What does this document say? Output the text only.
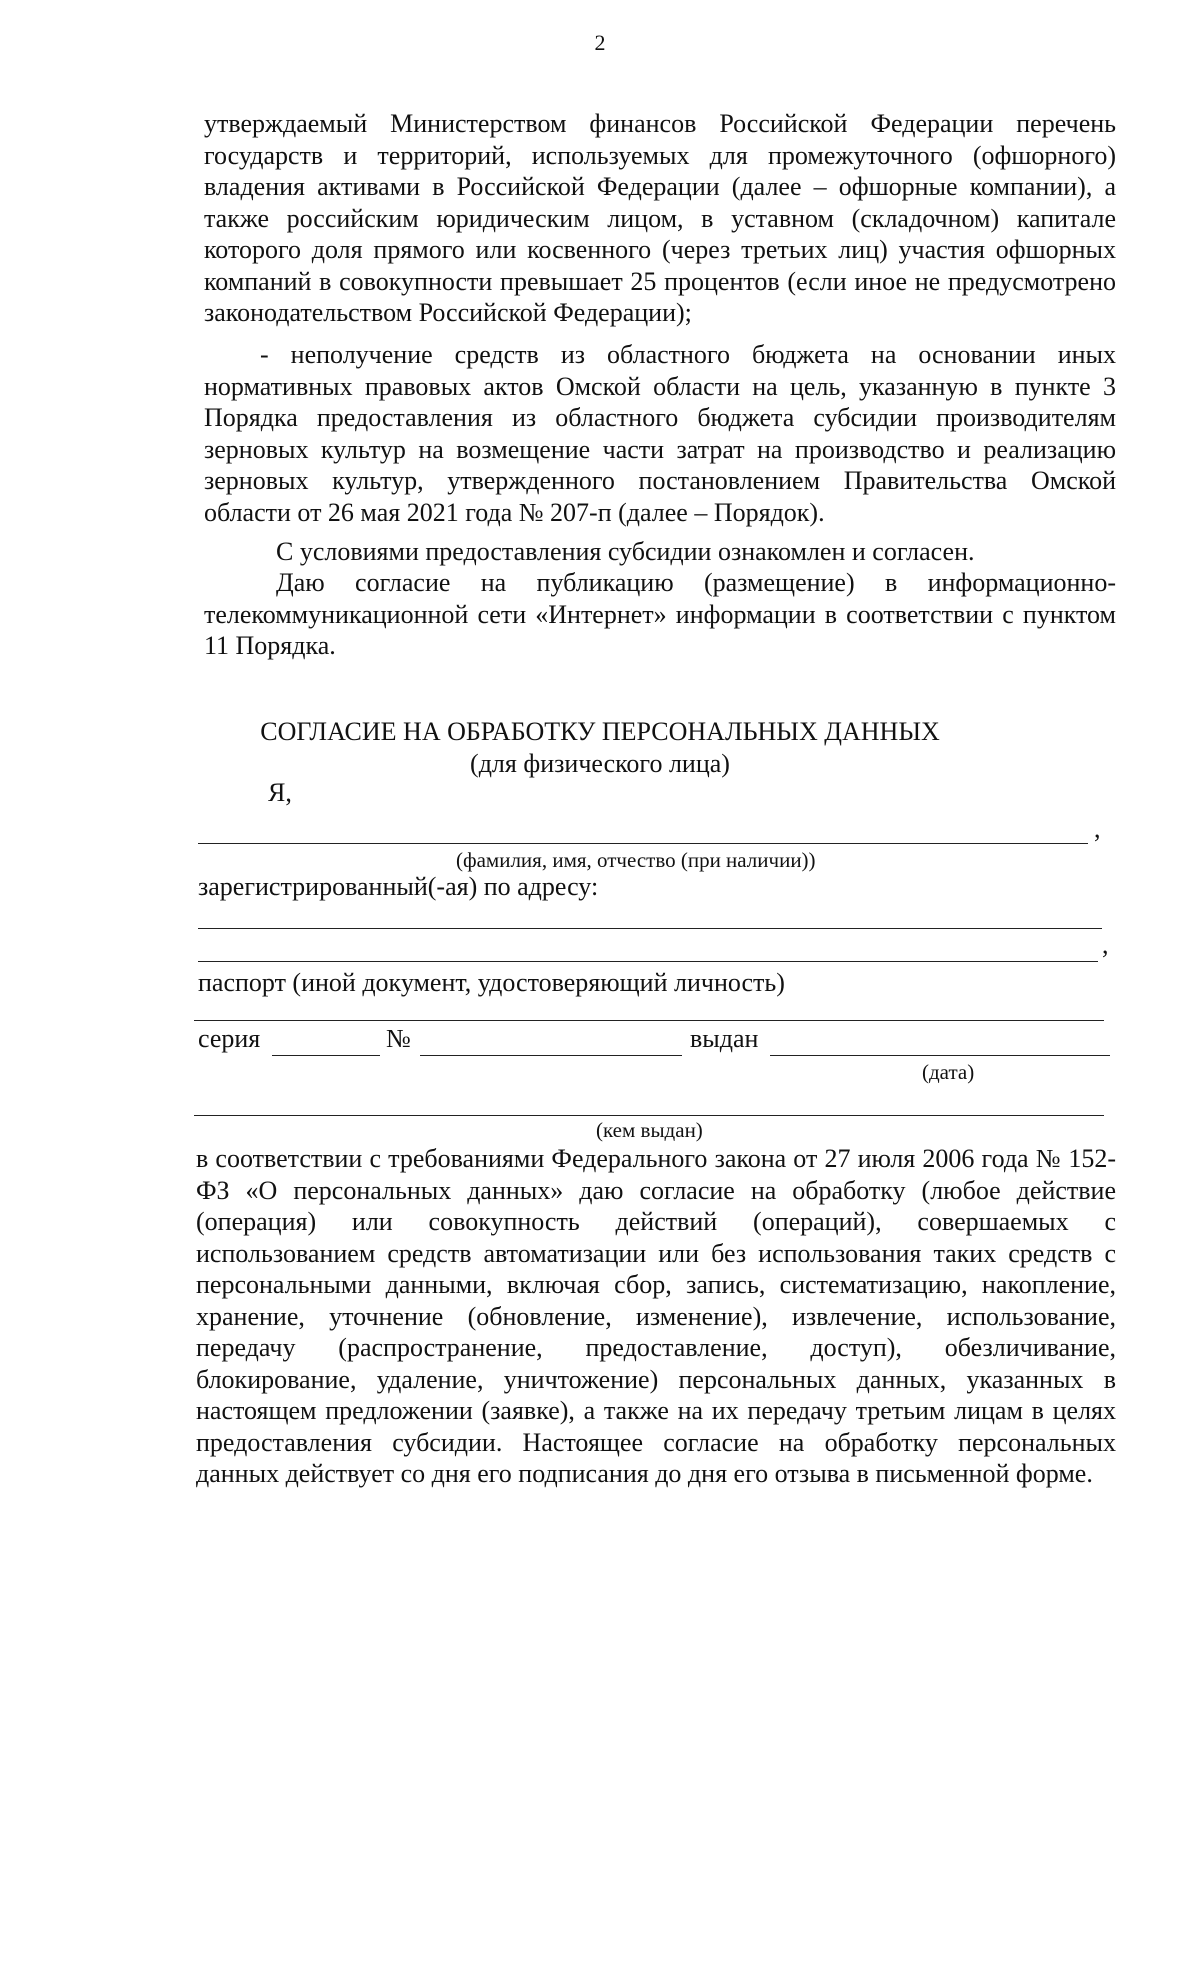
2

утверждаемый Министерством финансов Российской Федерации перечень государств и территорий, используемых для промежуточного (офшорного) владения активами в Российской Федерации (далее – офшорные компании), а также российским юридическим лицом, в уставном (складочном) капитале которого доля прямого или косвенного (через третьих лиц) участия офшорных компаний в совокупности превышает 25 процентов (если иное не предусмотрено законодательством Российской Федерации);

- неполучение средств из областного бюджета на основании иных нормативных правовых актов Омской области на цель, указанную в пункте 3 Порядка предоставления из областного бюджета субсидии производителям зерновых культур на возмещение части затрат на производство и реализацию зерновых культур, утвержденного постановлением Правительства Омской области от 26 мая 2021 года № 207-п (далее – Порядок).

С условиями предоставления субсидии ознакомлен и согласен.

Даю согласие на публикацию (размещение) в информационно-телекоммуникационной сети «Интернет» информации в соответствии с пунктом 11 Порядка.

СОГЛАСИЕ НА ОБРАБОТКУ ПЕРСОНАЛЬНЫХ ДАННЫХ
(для физического лица)
Я,
,
(фамилия, имя, отчество (при наличии))
зарегистрированный(-ая) по адресу:
,
паспорт (иной документ, удостоверяющий личность)
серия	№	выдан
(дата)
(кем выдан)

в соответствии с требованиями Федерального закона от 27 июля 2006 года № 152-ФЗ «О персональных данных» даю согласие на обработку (любое действие (операция) или совокупность действий (операций), совершаемых с использованием средств автоматизации или без использования таких средств с персональными данными, включая сбор, запись, систематизацию, накопление, хранение, уточнение (обновление, изменение), извлечение, использование, передачу (распространение, предоставление, доступ), обезличивание, блокирование, удаление, уничтожение) персональных данных, указанных в настоящем предложении (заявке), а также на их передачу третьим лицам в целях предоставления субсидии. Настоящее согласие на обработку персональных данных действует со дня его подписания до дня его отзыва в письменной форме.
